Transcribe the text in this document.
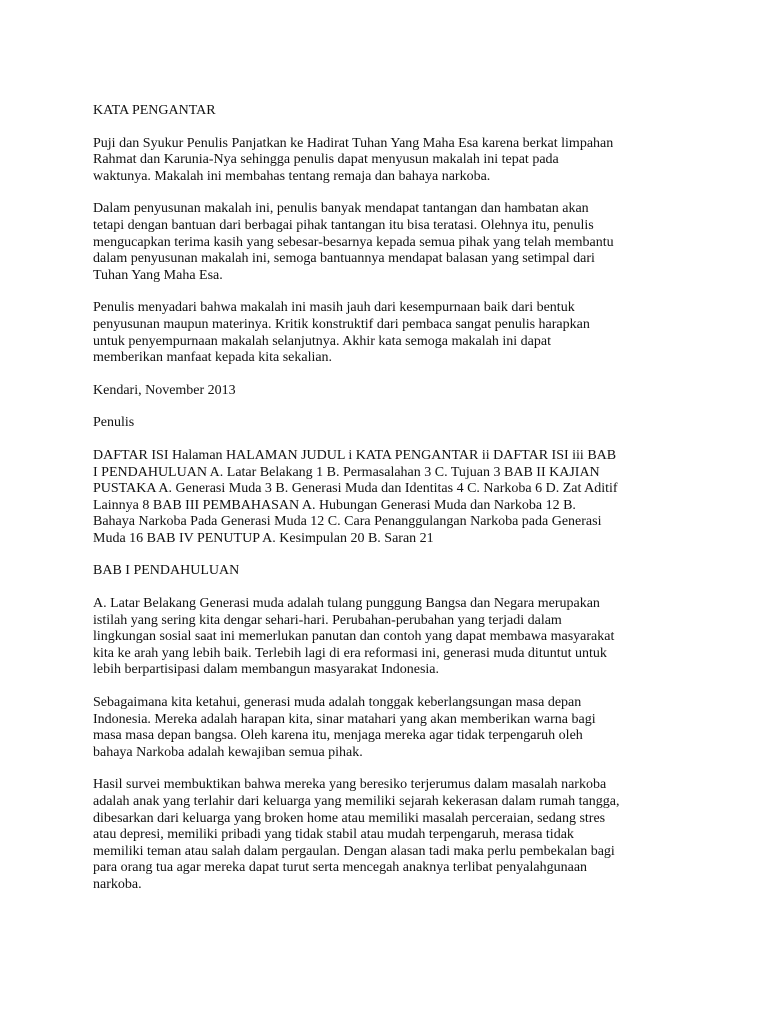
KATA PENGANTAR
Puji dan Syukur Penulis Panjatkan ke Hadirat Tuhan Yang Maha Esa karena berkat limpahan
Rahmat dan Karunia-Nya sehingga penulis dapat menyusun makalah ini tepat pada
waktunya. Makalah ini membahas tentang remaja dan bahaya narkoba.
Dalam penyusunan makalah ini, penulis banyak mendapat tantangan dan hambatan akan
tetapi dengan bantuan dari berbagai pihak tantangan itu bisa teratasi. Olehnya itu, penulis
mengucapkan terima kasih yang sebesar-besarnya kepada semua pihak yang telah membantu
dalam penyusunan makalah ini, semoga bantuannya mendapat balasan yang setimpal dari
Tuhan Yang Maha Esa.
Penulis menyadari bahwa makalah ini masih jauh dari kesempurnaan baik dari bentuk
penyusunan maupun materinya. Kritik konstruktif dari pembaca sangat penulis harapkan
untuk penyempurnaan makalah selanjutnya. Akhir kata semoga makalah ini dapat
memberikan manfaat kepada kita sekalian.
Kendari, November 2013
Penulis
DAFTAR ISI Halaman HALAMAN JUDUL i KATA PENGANTAR ii DAFTAR ISI iii BAB
I PENDAHULUAN A. Latar Belakang 1 B. Permasalahan 3 C. Tujuan 3 BAB II KAJIAN
PUSTAKA A. Generasi Muda 3 B. Generasi Muda dan Identitas 4 C. Narkoba 6 D. Zat Aditif
Lainnya 8 BAB III PEMBAHASAN A. Hubungan Generasi Muda dan Narkoba 12 B.
Bahaya Narkoba Pada Generasi Muda 12 C. Cara Penanggulangan Narkoba pada Generasi
Muda 16 BAB IV PENUTUP A. Kesimpulan 20 B. Saran 21
BAB I PENDAHULUAN
A. Latar Belakang Generasi muda adalah tulang punggung Bangsa dan Negara merupakan
istilah yang sering kita dengar sehari-hari. Perubahan-perubahan yang terjadi dalam
lingkungan sosial saat ini memerlukan panutan dan contoh yang dapat membawa masyarakat
kita ke arah yang lebih baik. Terlebih lagi di era reformasi ini, generasi muda dituntut untuk
lebih berpartisipasi dalam membangun masyarakat Indonesia.
Sebagaimana kita ketahui, generasi muda adalah tonggak keberlangsungan masa depan
Indonesia. Mereka adalah harapan kita, sinar matahari yang akan memberikan warna bagi
masa masa depan bangsa. Oleh karena itu, menjaga mereka agar tidak terpengaruh oleh
bahaya Narkoba adalah kewajiban semua pihak.
Hasil survei membuktikan bahwa mereka yang beresiko terjerumus dalam masalah narkoba
adalah anak yang terlahir dari keluarga yang memiliki sejarah kekerasan dalam rumah tangga,
dibesarkan dari keluarga yang broken home atau memiliki masalah perceraian, sedang stres
atau depresi, memiliki pribadi yang tidak stabil atau mudah terpengaruh, merasa tidak
memiliki teman atau salah dalam pergaulan. Dengan alasan tadi maka perlu pembekalan bagi
para orang tua agar mereka dapat turut serta mencegah anaknya terlibat penyalahgunaan
narkoba.
